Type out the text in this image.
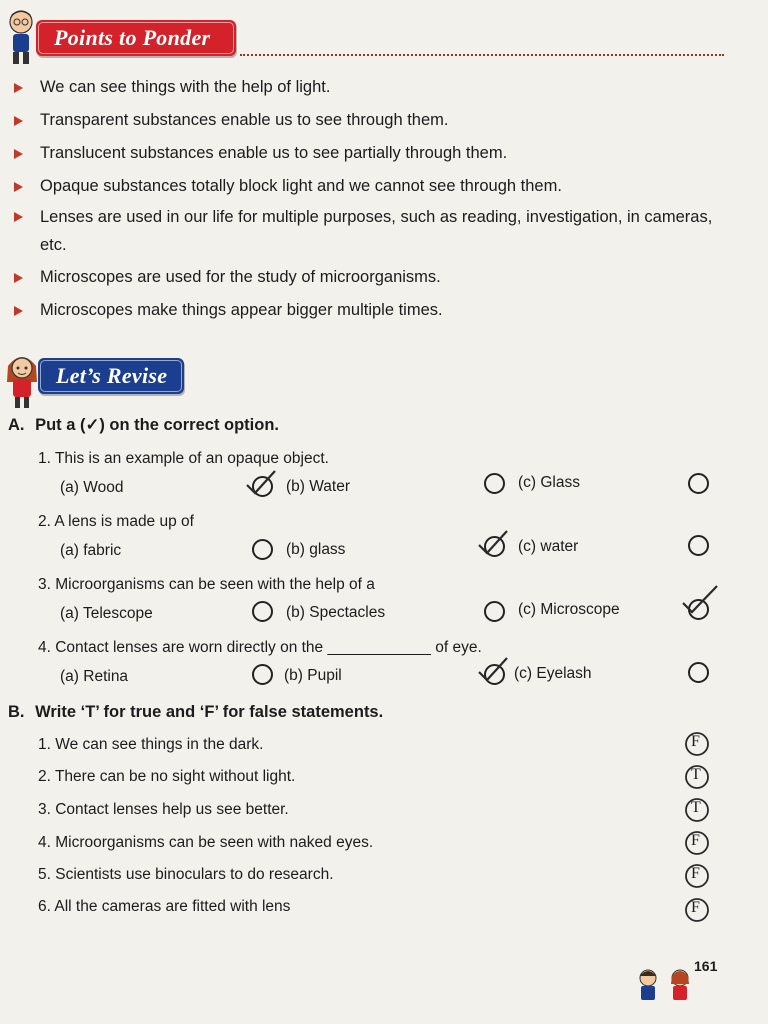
Points to Ponder
We can see things with the help of light.
Transparent substances enable us to see through them.
Translucent substances enable us to see partially through them.
Opaque substances totally block light and we cannot see through them.
Lenses are used in our life for multiple purposes, such as reading, investigation, in cameras, etc.
Microscopes are used for the study of microorganisms.
Microscopes make things appear bigger multiple times.
Let’s Revise
A. Put a (✓) on the correct option.
1. This is an example of an opaque object.
(a) Wood	(b) Water	(c) Glass
2. A lens is made up of
(a) fabric	(b) glass	(c) water
3. Microorganisms can be seen with the help of a
(a) Telescope	(b) Spectacles	(c) Microscope
4. Contact lenses are worn directly on the ____________ of eye.
(a) Retina	(b) Pupil	(c) Eyelash
B. Write ‘T’ for true and ‘F’ for false statements.
1. We can see things in the dark.	F
2. There can be no sight without light.	T
3. Contact lenses help us see better.	T
4. Microorganisms can be seen with naked eyes.	F
5. Scientists use binoculars to do research.	F
6. All the cameras are fitted with lens	F
161
